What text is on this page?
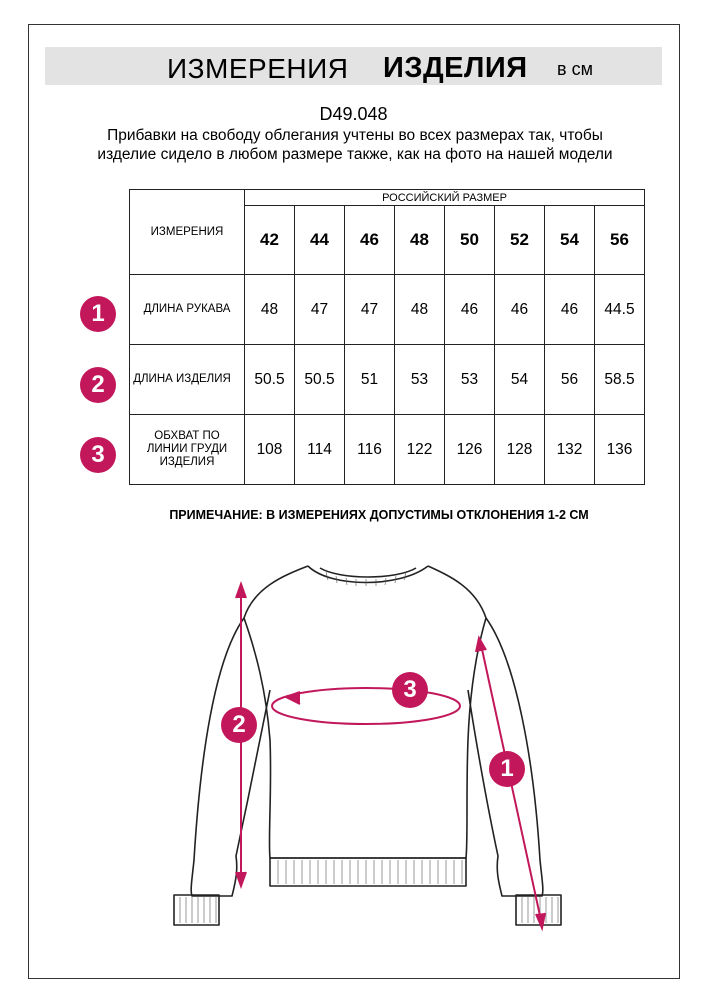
ИЗМЕРЕНИЯ ИЗДЕЛИЯ в см
D49.048
Прибавки на свободу облегания учтены во всех размерах так, чтобы изделие сидело в любом размере также, как на фото на нашей модели
ИЗМЕРЕНИЯ	РОССИЙСКИЙ РАЗМЕР							
	42	44	46	48	50	52	54	56
ДЛИНА РУКАВА	48	47	47	48	46	46	46	44.5
ДЛИНА ИЗДЕЛИЯ	50.5	50.5	51	53	53	54	56	58.5
ОБХВАТ ПО ЛИНИИ ГРУДИ ИЗДЕЛИЯ	108	114	116	122	126	128	132	136
1
2
3
ПРИМЕЧАНИЕ: В ИЗМЕРЕНИЯХ ДОПУСТИМЫ ОТКЛОНЕНИЯ 1-2 СМ
2
3
1
